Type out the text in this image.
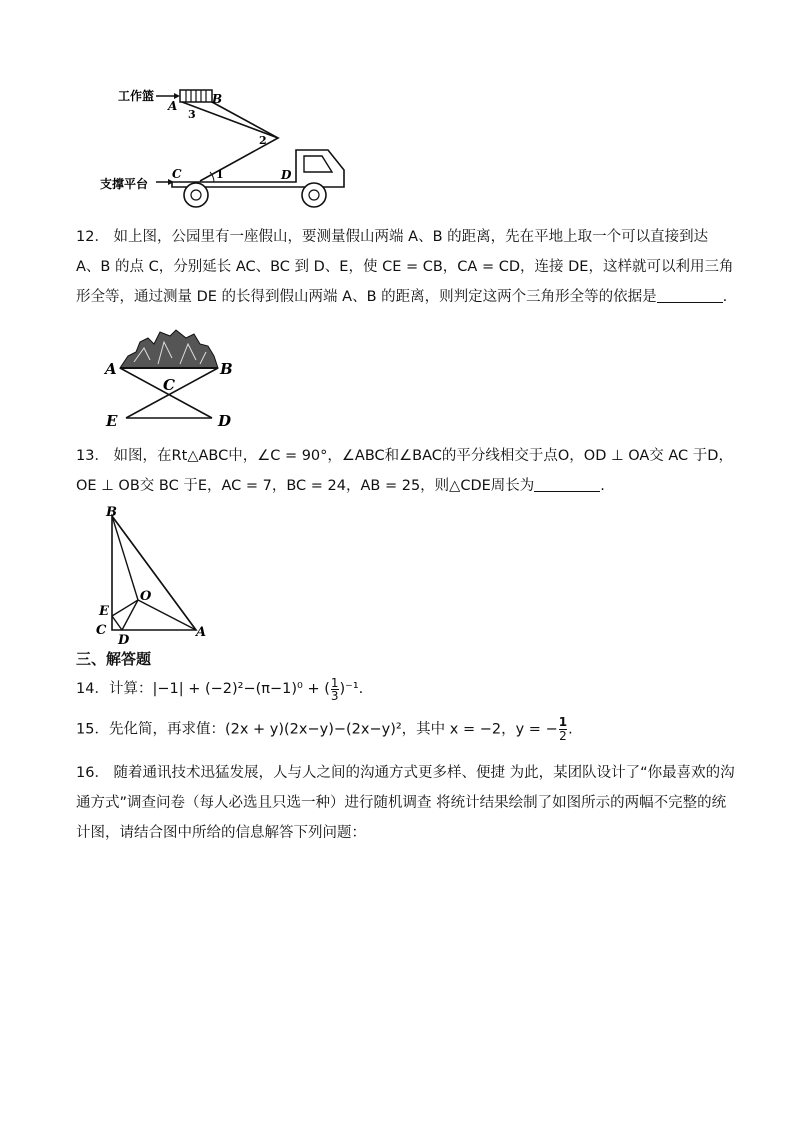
工作篮
支撑平台
A	B
3
2
1
C	D
12． 如上图，公园里有一座假山，要测量假山两端 A、B 的距离，先在平地上取一个可以直接到达
A、B 的点 C，分别延长 AC、BC 到 D、E，使 CE = CB，CA = CD，连接 DE，这样就可以利用三角
形全等，通过测量 DE 的长得到假山两端 A、B 的距离，则判定这两个三角形全等的依据是	.
A	B
C
E	D
13． 如图，在Rt△ABC中，∠C = 90°，∠ABC和∠BAC的平分线相交于点O，OD ⊥ OA交 AC 于D，
OE ⊥ OB交 BC 于E，AC = 7，BC = 24，AB = 25，则△CDE周长为	.
B
O
E
C
D
A
三、解答题
14．计算：|−1| + (−2)²−(π−1)⁰ + ( $\frac{1}{3} )^{-1}$.
15．先化简，再求值：(2x + y)(2x−y)−(2x−y)²，其中 x = −2，y = − $\frac{1}{2}$ .
16． 随着通讯技术迅猛发展，人与人之间的沟通方式更多样、便捷 为此，某团队设计了“你最喜欢的沟
通方式”调查问卷（每人必选且只选一种）进行随机调查 将统计结果绘制了如图所示的两幅不完整的统
计图，请结合图中所给的信息解答下列问题：
